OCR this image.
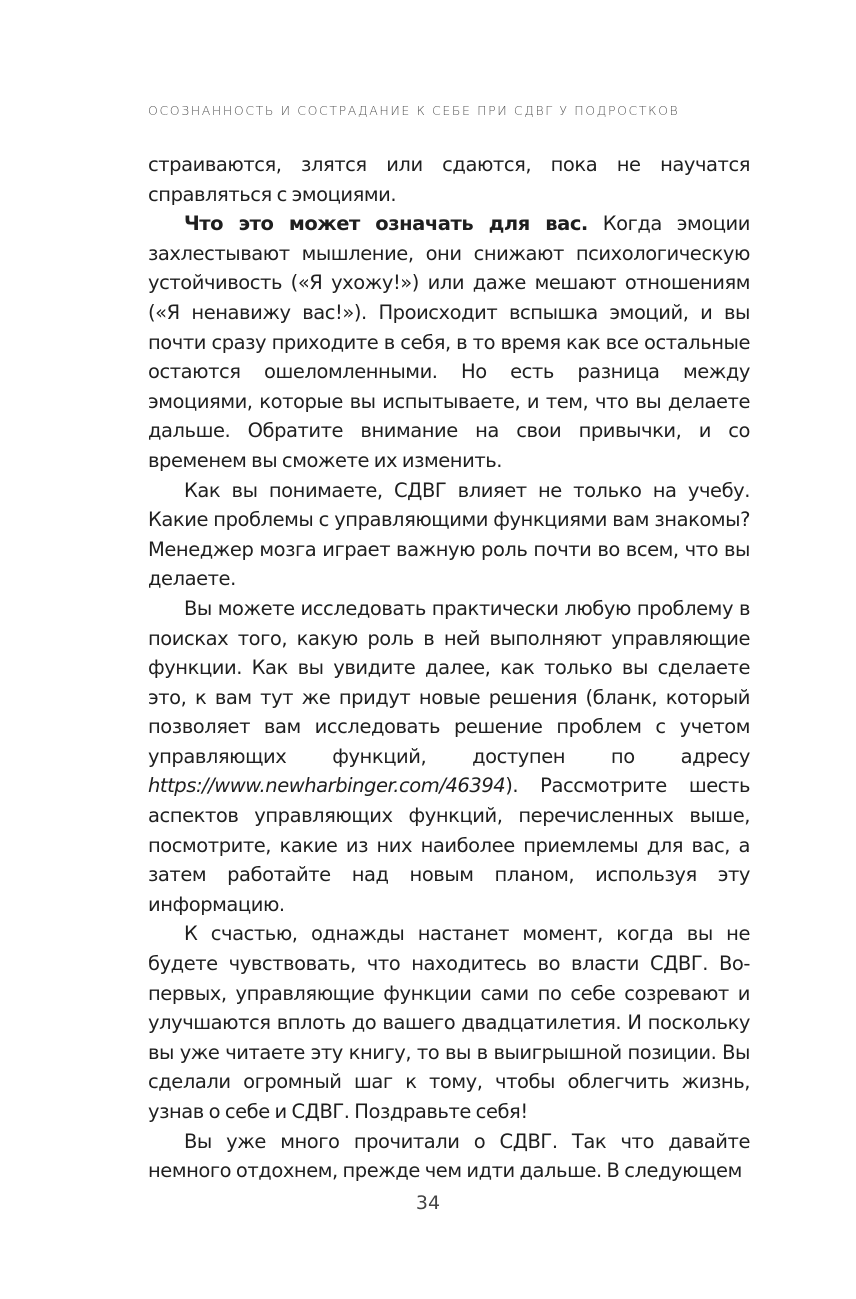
ОСОЗНАННОСТЬ И СОСТРАДАНИЕ К СЕБЕ ПРИ СДВГ У ПОДРОСТКОВ

страиваются, злятся или сдаются, пока не научатся справляться с эмоциями.

Что это может означать для вас. Когда эмоции захлестывают мышление, они снижают психологическую устойчивость («Я ухожу!») или даже мешают отношениям («Я ненавижу вас!»). Происходит вспышка эмоций, и вы почти сразу приходите в себя, в то время как все остальные остаются ошеломленными. Но есть разница между эмоциями, которые вы испытываете, и тем, что вы делаете дальше. Обратите внимание на свои привычки, и со временем вы сможете их изменить.

Как вы понимаете, СДВГ влияет не только на учебу. Какие проблемы с управляющими функциями вам знакомы? Менеджер мозга играет важную роль почти во всем, что вы делаете.

Вы можете исследовать практически любую проблему в поисках того, какую роль в ней выполняют управляющие функции. Как вы увидите далее, как только вы сделаете это, к вам тут же придут новые решения (бланк, который позволяет вам исследовать решение проблем с учетом управляющих функций, доступен по адресу https://www.newharbinger.com/46394). Рассмотрите шесть аспектов управляющих функций, перечисленных выше, посмотрите, какие из них наиболее приемлемы для вас, а затем работайте над новым планом, используя эту информацию.

К счастью, однажды настанет момент, когда вы не будете чувствовать, что находитесь во власти СДВГ. Во-первых, управляющие функции сами по себе созревают и улучшаются вплоть до вашего двадцатилетия. И поскольку вы уже читаете эту книгу, то вы в выигрышной позиции. Вы сделали огромный шаг к тому, чтобы облегчить жизнь, узнав о себе и СДВГ. Поздравьте себя!

Вы уже много прочитали о СДВГ. Так что давайте немного отдохнем, прежде чем идти дальше. В следующем

34
